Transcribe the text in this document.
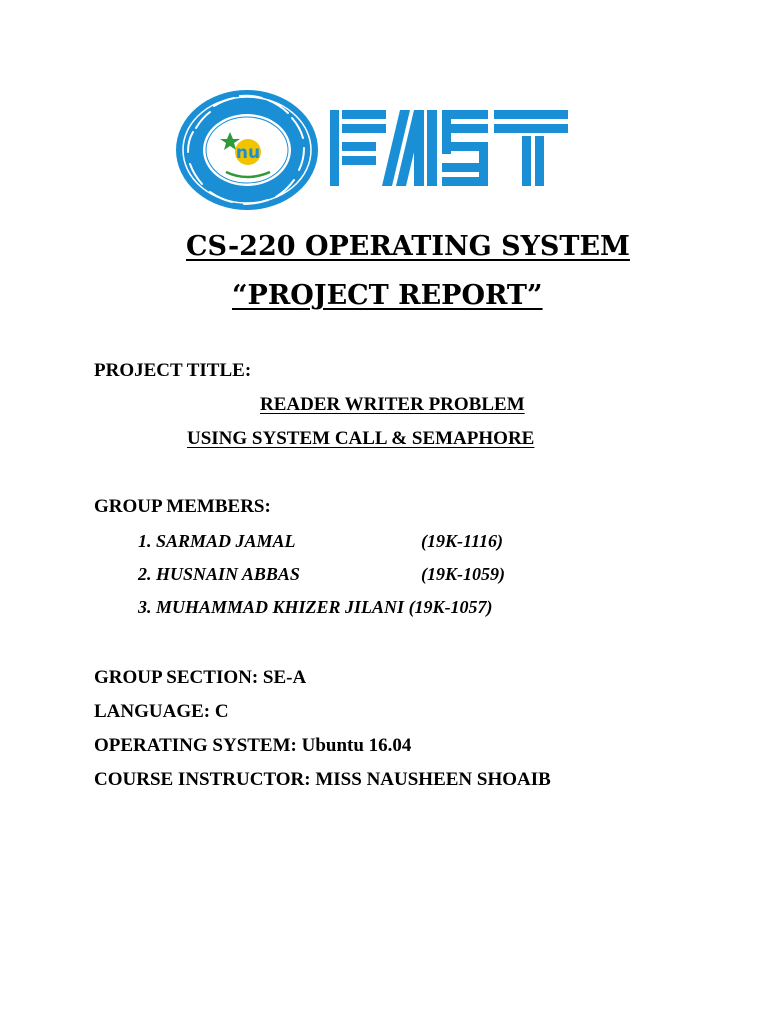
nu
CS-220 OPERATING SYSTEM
“PROJECT REPORT”

PROJECT TITLE:

READER WRITER PROBLEM

USING SYSTEM CALL & SEMAPHORE

GROUP MEMBERS:

1. SARMAD JAMAL	(19K-1116)
2. HUSNAIN ABBAS	(19K-1059)
3. MUHAMMAD KHIZER JILANI (19K-1057)

GROUP SECTION: SE-A

LANGUAGE: C

OPERATING SYSTEM: Ubuntu 16.04

COURSE INSTRUCTOR: MISS NAUSHEEN SHOAIB
